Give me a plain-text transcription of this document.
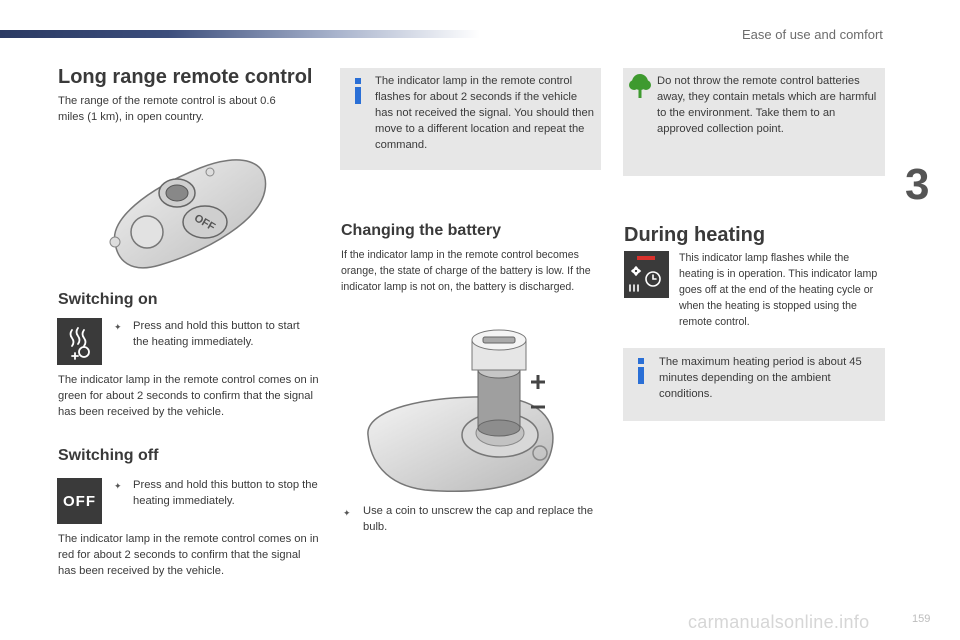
Ease of use and comfort
3
Long range remote control

The range of the remote control is about 0.6 miles (1 km), in open country.

OFF
Switching on
✦ Press and hold this button to start the heating immediately.

The indicator lamp in the remote control comes on in green for about 2 seconds to confirm that the signal has been received by the vehicle.

Switching off
OFF
✦ Press and hold this button to stop the heating immediately.

The indicator lamp in the remote control comes on in red for about 2 seconds to confirm that the signal has been received by the vehicle.

The indicator lamp in the remote control flashes for about 2 seconds if the vehicle has not received the signal. You should then move to a different location and repeat the command.

Changing the battery

If the indicator lamp in the remote control becomes orange, the state of charge of the battery is low. If the indicator lamp is not on, the battery is discharged.

✦ Use a coin to unscrew the cap and replace the bulb.

Do not throw the remote control batteries away, they contain metals which are harmful to the environment. Take them to an approved collection point.

During heating

This indicator lamp flashes while the heating is in operation. This indicator lamp goes off at the end of the heating cycle or when the heating is stopped using the remote control.

The maximum heating period is about 45 minutes depending on the ambient conditions.

carmanualsonline.info	159
